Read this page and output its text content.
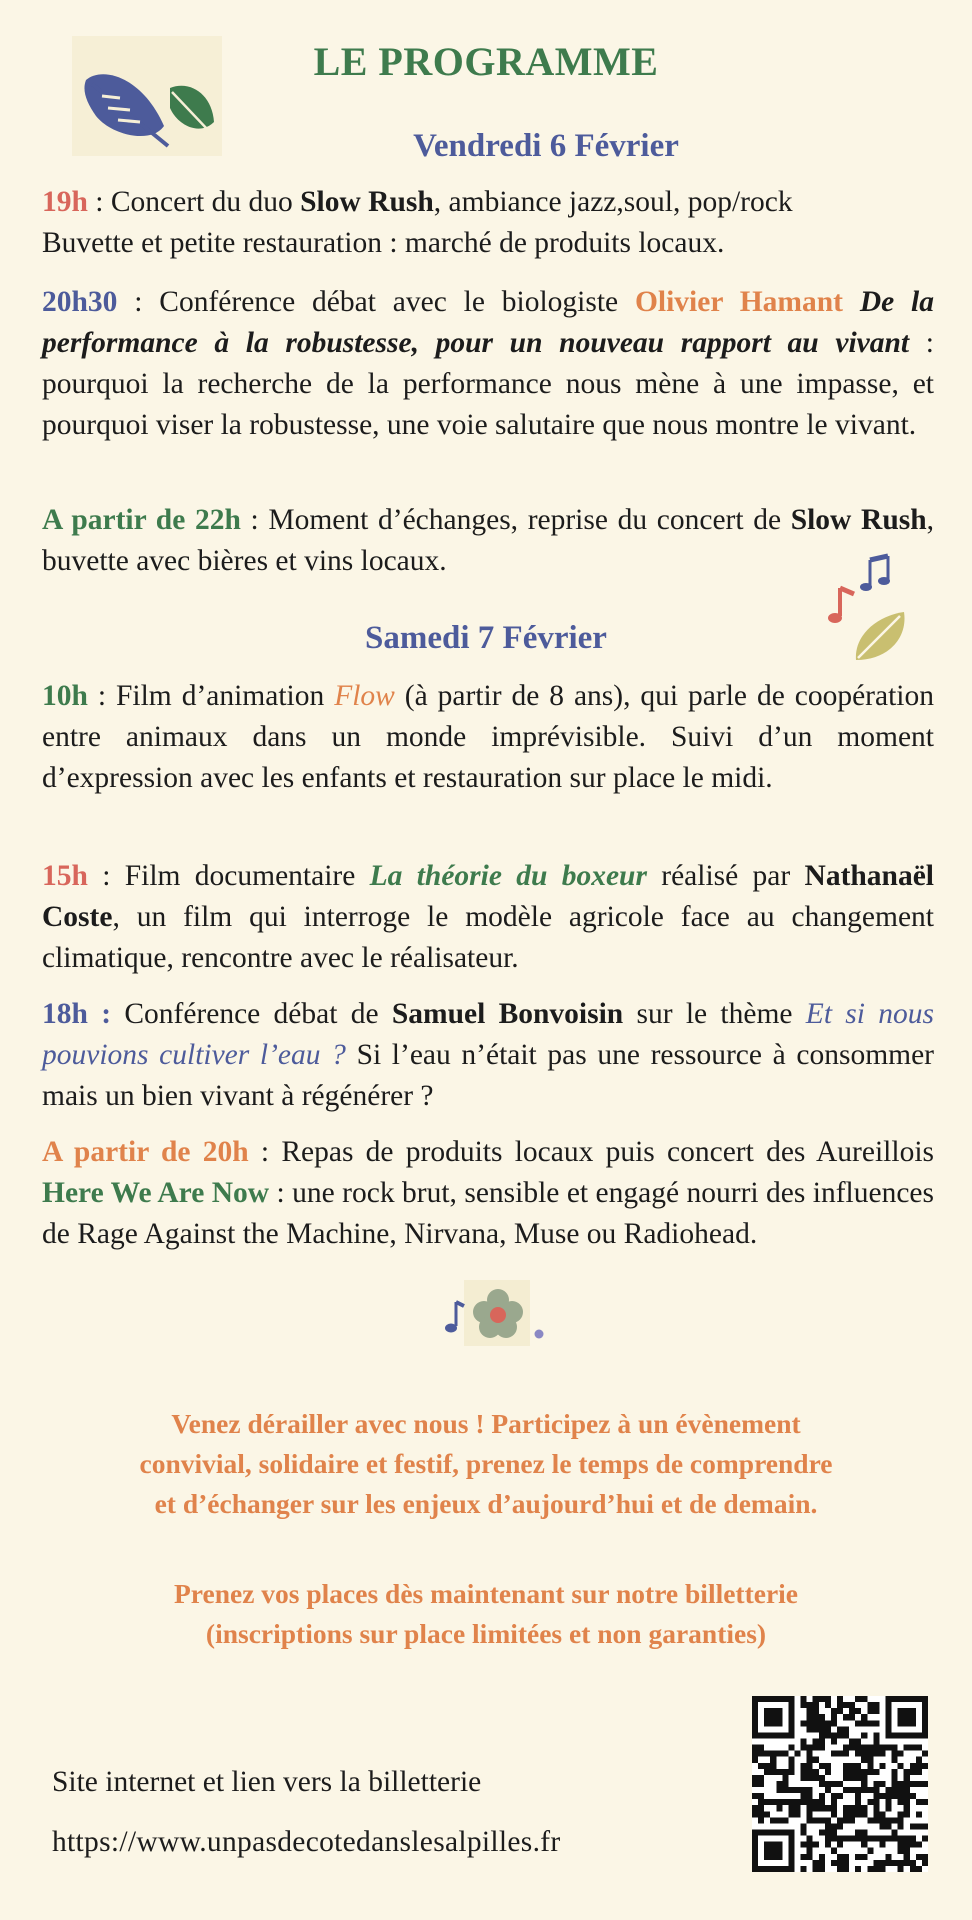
LE PROGRAMME
Vendredi 6 Février
19h : Concert du duo Slow Rush, ambiance jazz,soul, pop/rock
Buvette et petite restauration : marché de produits locaux.
20h30 : Conférence débat avec le biologiste Olivier Hamant De la performance à la robustesse, pour un nouveau rapport au vivant : pourquoi la recherche de la performance nous mène à une impasse, et pourquoi viser la robustesse, une voie salutaire que nous montre le vivant.
A partir de 22h : Moment d’échanges, reprise du concert de Slow Rush, buvette avec bières et vins locaux.
Samedi 7 Février
10h : Film d’animation Flow (à partir de 8 ans), qui parle de coopération entre animaux dans un monde imprévisible. Suivi d’un moment d’expression avec les enfants et restauration sur place le midi.
15h : Film documentaire La théorie du boxeur réalisé par Nathanaël Coste, un film qui interroge le modèle agricole face au changement climatique, rencontre avec le réalisateur.
18h : Conférence débat de Samuel Bonvoisin sur le thème Et si nous pouvions cultiver l’eau ? Si l’eau n’était pas une ressource à consommer mais un bien vivant à régénérer ?
A partir de 20h : Repas de produits locaux puis concert des Aureillois Here We Are Now : une rock brut, sensible et engagé nourri des influences de Rage Against the Machine, Nirvana, Muse ou Radiohead.
Venez dérailler avec nous ! Participez à un évènement
convivial, solidaire et festif, prenez le temps de comprendre
et d’échanger sur les enjeux d’aujourd’hui et de demain.
Prenez vos places dès maintenant sur notre billetterie
(inscriptions sur place limitées et non garanties)
Site internet et lien vers la billetterie
https://www.unpasdecotedanslesalpilles.fr
